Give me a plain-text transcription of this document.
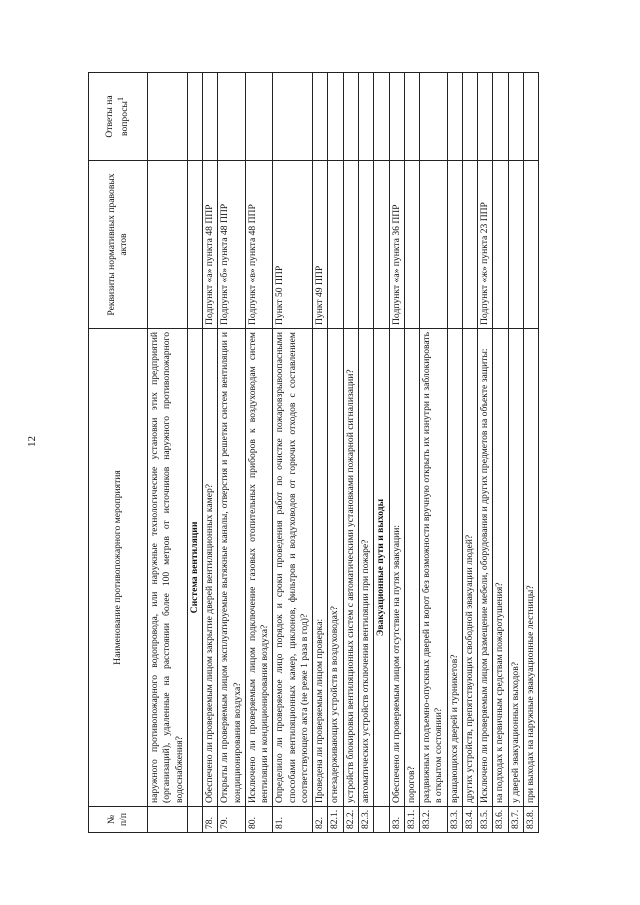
12
№ п/п	Наименование противопожарного мероприятия	Реквизиты нормативных правовых актов	Ответы на вопросы$^1$
	наружного противопожарного водопровода, или наружные технологические установки этих предприятий (организаций), удаленные на расстоянии более 100 метров от источников наружного противопожарного водоснабжения?		
	Система вентиляции		
78.	Обеспечено ли проверяемым лицом закрытие дверей вентиляционных камер?	Подпункт «а» пункта 48 ППР	
79.	Открыты ли проверяемым лицом эксплуатируемые вытяжные каналы, отверстия и решетки систем вентиляции и кондиционирования воздуха?	Подпункт «б» пункта 48 ППР	
80.	Исключено ли проверяемым лицом подключение газовых отопительных приборов к воздуховодам систем вентиляции и кондиционирования воздуха?	Подпункт «в» пункта 48 ППР	
81.	Определило ли проверяемое лицо порядок и сроки проведения работ по очистке пожаровзрывоопасными способами вентиляционных камер, циклонов, фильтров и воздуховодов от горючих отходов с составлением соответствующего акта (не реже 1 раза в год)?	Пункт 50 ППР	
82.	Проведена ли проверяемым лицом проверка:	Пункт 49 ППР	
82.1.	огнезадерживающих устройств в воздуховодах?		
82.2.	устройств блокировки вентиляционных систем с автоматическими установками пожарной сигнализации?		
82.3.	автоматических устройств отключения вентиляции при пожаре?		
	Эвакуационные пути и выходы		
83.	Обеспечено ли проверяемым лицом отсутствие на путях эвакуации:	Подпункт «а» пункта 36 ППР	
83.1.	порогов?		
83.2.	раздвижных и подъемно-опускных дверей и ворот без возможности вручную открыть их изнутри и заблокировать в открытом состоянии?		
83.3.	вращающихся дверей и турникетов?		
83.4.	других устройств, препятствующих свободной эвакуации людей?		
83.5.	Исключено ли проверяемым лицом размещение мебели, оборудования и других предметов на объекте защиты:	Подпункт «ж» пункта 23 ППР	
83.6.	на подходах к первичным средствам пожаротушения?		
83.7.	у дверей эвакуационных выходов?		
83.8.	при выходах на наружные эвакуационные лестницы?		
